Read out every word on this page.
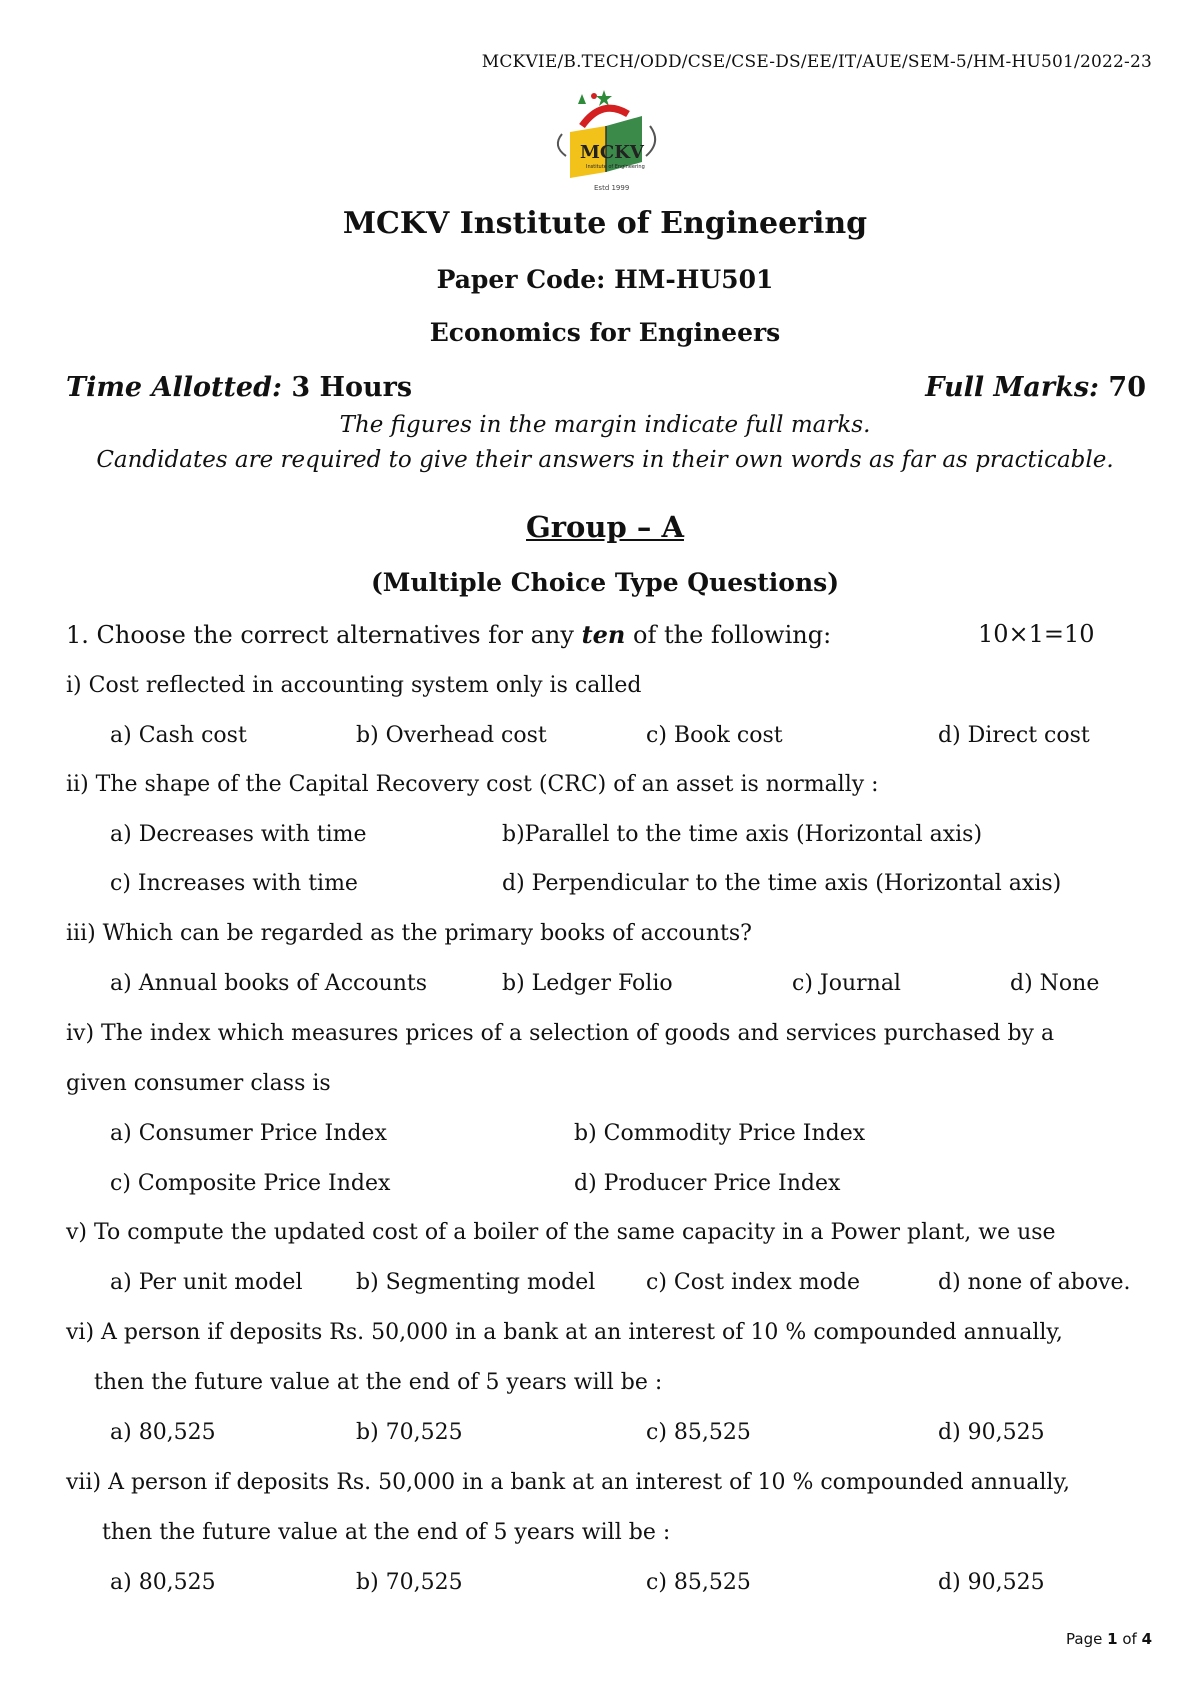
MCKVIE/B.TECH/ODD/CSE/CSE-DS/EE/IT/AUE/SEM-5/HM-HU501/2022-23
MCKV
Institute of Engineering
Estd 1999
MCKV Institute of Engineering
Paper Code: HM-HU501
Economics for Engineers
Time Allotted: 3 Hours	Full Marks: 70
The figures in the margin indicate full marks.
Candidates are required to give their answers in their own words as far as practicable.
Group – A
(Multiple Choice Type Questions)
1. Choose the correct alternatives for any ten of the following:	10×1=10
i) Cost reflected in accounting system only is called
a) Cash cost	b) Overhead cost	c) Book cost	d) Direct cost
ii) The shape of the Capital Recovery cost (CRC) of an asset is normally :
a) Decreases with time	b)Parallel to the time axis (Horizontal axis)
c) Increases with time	d) Perpendicular to the time axis (Horizontal axis)
iii) Which can be regarded as the primary books of accounts?
a) Annual books of Accounts	b) Ledger Folio	c) Journal	d) None
iv) The index which measures prices of a selection of goods and services purchased by a
given consumer class is
a) Consumer Price Index	b) Commodity Price Index
c) Composite Price Index	d) Producer Price Index
v) To compute the updated cost of a boiler of the same capacity in a Power plant, we use
a) Per unit model b) Segmenting model c) Cost index mode	d) none of above.
vi) A person if deposits Rs. 50,000 in a bank at an interest of 10 % compounded annually,
then the future value at the end of 5 years will be :
a) 80,525	b) 70,525	c) 85,525	d) 90,525
vii) A person if deposits Rs. 50,000 in a bank at an interest of 10 % compounded annually,
then the future value at the end of 5 years will be :
a) 80,525	b) 70,525	c) 85,525	d) 90,525
Page 1 of 4
